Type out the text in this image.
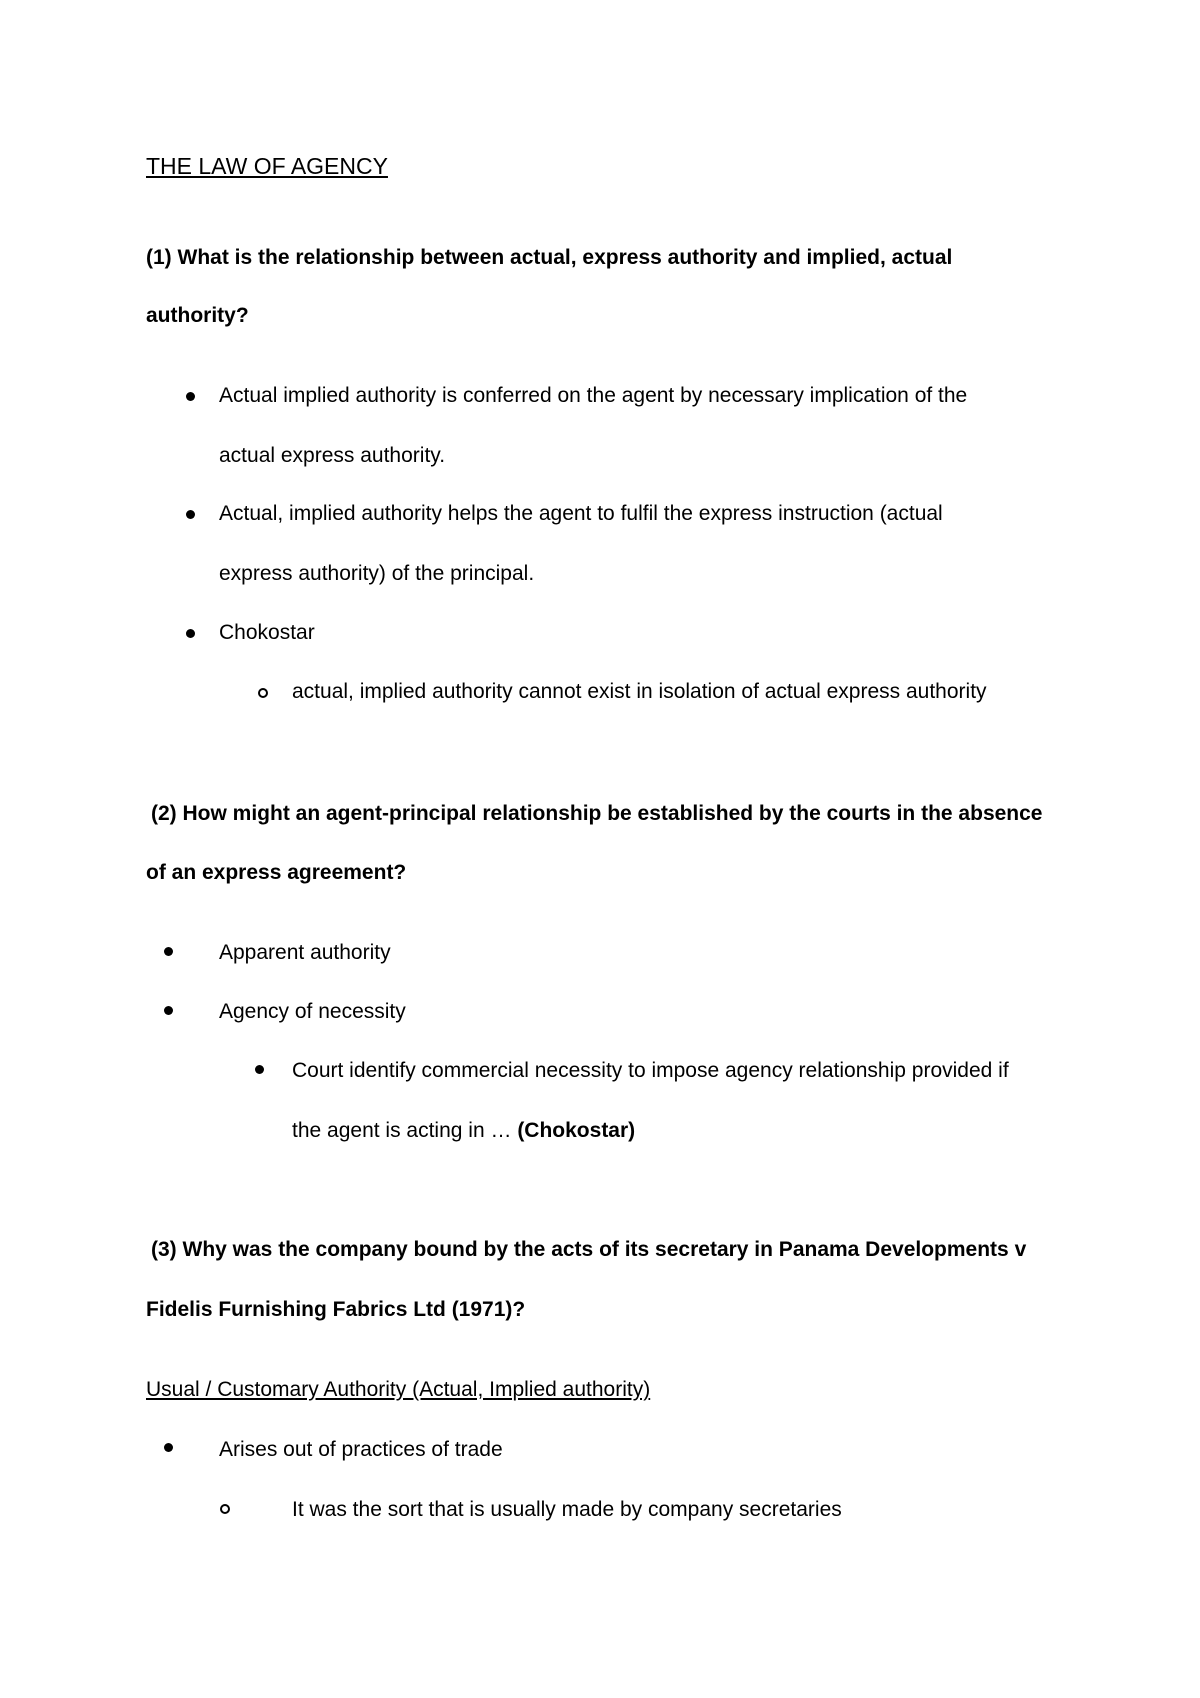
THE LAW OF AGENCY
(1) What is the relationship between actual, express authority and implied, actual
authority?
Actual implied authority is conferred on the agent by necessary implication of the
actual express authority.
Actual, implied authority helps the agent to fulfil the express instruction (actual
express authority) of the principal.
Chokostar
actual, implied authority cannot exist in isolation of actual express authority
(2) How might an agent-principal relationship be established by the courts in the absence
of an express agreement?
Apparent authority
Agency of necessity
Court identify commercial necessity to impose agency relationship provided if
the agent is acting in … (Chokostar)
(3) Why was the company bound by the acts of its secretary in Panama Developments v
Fidelis Furnishing Fabrics Ltd (1971)?
Usual / Customary Authority (Actual, Implied authority)
Arises out of practices of trade
It was the sort that is usually made by company secretaries
